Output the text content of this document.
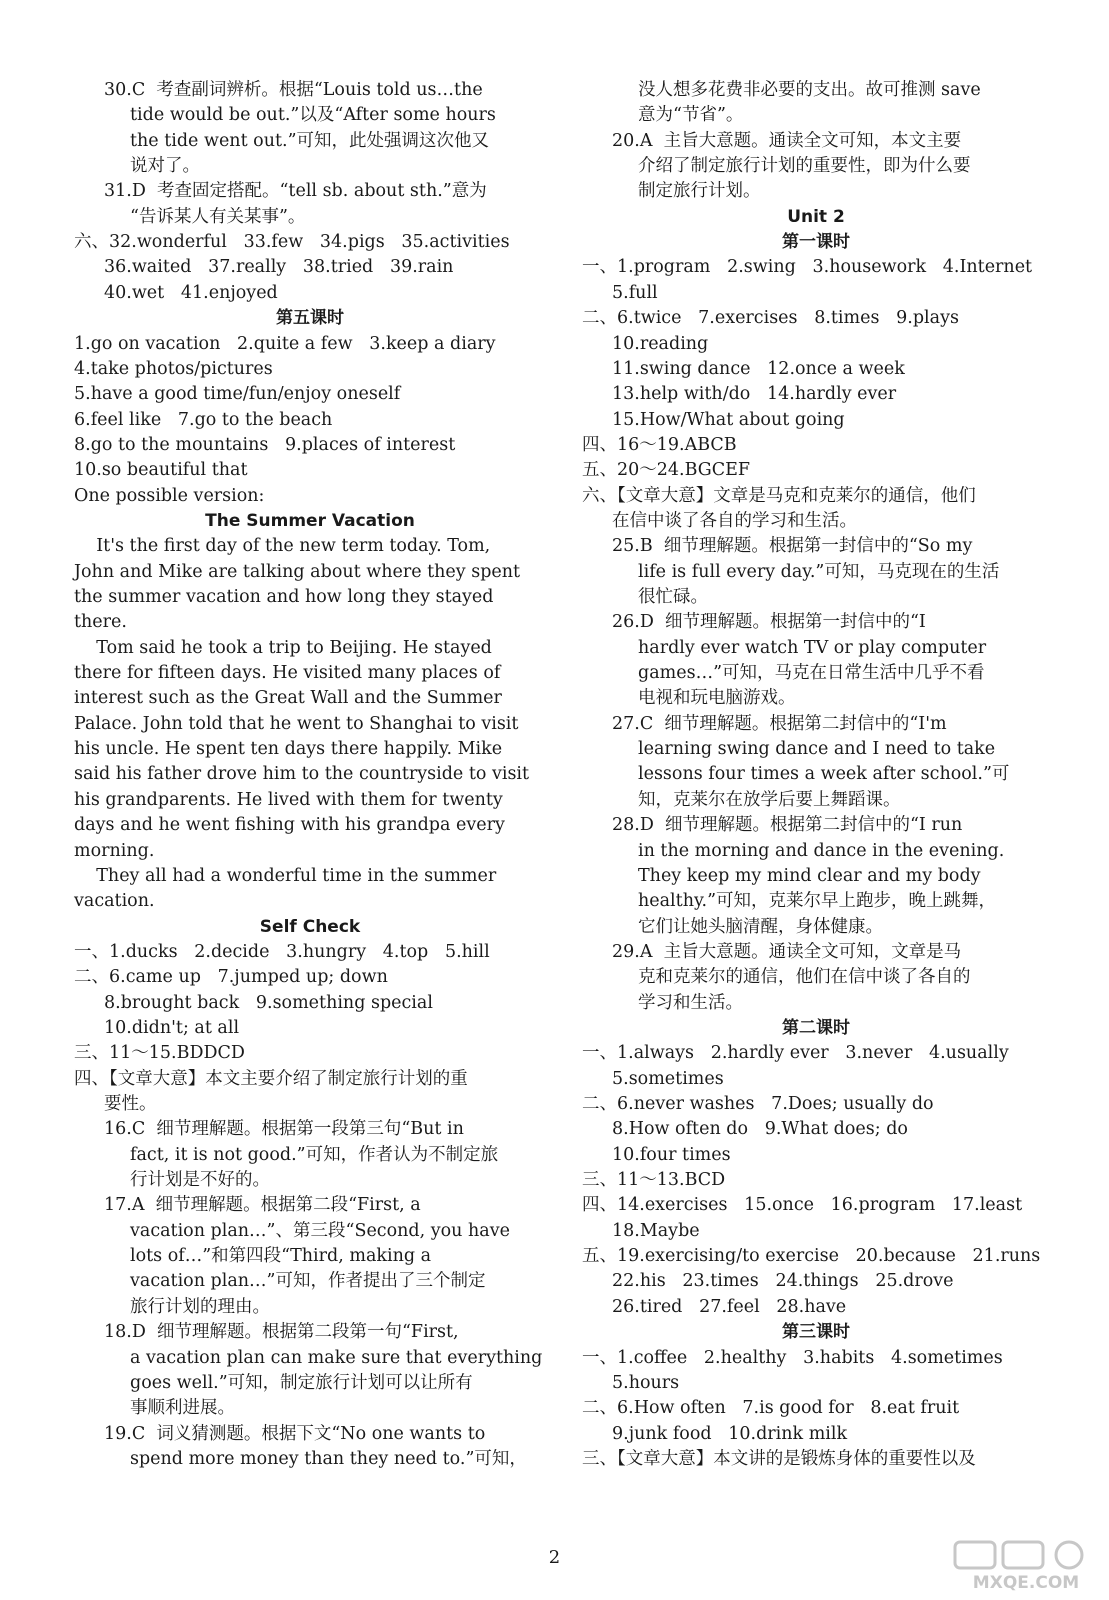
30.C  考查副词辨析。根据“Louis told us…the
tide would be out.”以及“After some hours
the tide went out.”可知，此处强调这次他又
说对了。
31.D  考查固定搭配。“tell sb. about sth.”意为
“告诉某人有关某事”。
六、32.wonderful   33.few   34.pigs   35.activities
36.waited   37.really   38.tried   39.rain
40.wet   41.enjoyed
第五课时
1.go on vacation   2.quite a few   3.keep a diary
4.take photos/pictures
5.have a good time/fun/enjoy oneself
6.feel like   7.go to the beach
8.go to the mountains   9.places of interest
10.so beautiful that
One possible version:
The Summer Vacation
It's the first day of the new term today. Tom,
John and Mike are talking about where they spent
the summer vacation and how long they stayed
there.
Tom said he took a trip to Beijing. He stayed
there for fifteen days. He visited many places of
interest such as the Great Wall and the Summer
Palace. John told that he went to Shanghai to visit
his uncle. He spent ten days there happily. Mike
said his father drove him to the countryside to visit
his grandparents. He lived with them for twenty
days and he went fishing with his grandpa every
morning.
They all had a wonderful time in the summer
vacation.
Self Check
一、1.ducks   2.decide   3.hungry   4.top   5.hill
二、6.came up   7.jumped up; down
8.brought back   9.something special
10.didn't; at all
三、11～15.BDDCD
四、【文章大意】本文主要介绍了制定旅行计划的重
要性。
16.C  细节理解题。根据第一段第三句“But in
fact, it is not good.”可知，作者认为不制定旅
行计划是不好的。
17.A  细节理解题。根据第二段“First, a
vacation plan…”、第三段“Second, you have
lots of…”和第四段“Third, making a
vacation plan…”可知，作者提出了三个制定
旅行计划的理由。
18.D  细节理解题。根据第二段第一句“First,
a vacation plan can make sure that everything
goes well.”可知，制定旅行计划可以让所有
事顺利进展。
19.C  词义猜测题。根据下文“No one wants to
spend more money than they need to.”可知，
没人想多花费非必要的支出。故可推测 save
意为“节省”。
20.A  主旨大意题。通读全文可知，本文主要
介绍了制定旅行计划的重要性，即为什么要
制定旅行计划。
Unit 2
第一课时
一、1.program   2.swing   3.housework   4.Internet
5.full
二、6.twice   7.exercises   8.times   9.plays
10.reading
11.swing dance   12.once a week
13.help with/do   14.hardly ever
15.How/What about going
四、16～19.ABCB
五、20～24.BGCEF
六、【文章大意】文章是马克和克莱尔的通信，他们
在信中谈了各自的学习和生活。
25.B  细节理解题。根据第一封信中的“So my
life is full every day.”可知，马克现在的生活
很忙碌。
26.D  细节理解题。根据第一封信中的“I
hardly ever watch TV or play computer
games…”可知，马克在日常生活中几乎不看
电视和玩电脑游戏。
27.C  细节理解题。根据第二封信中的“I'm
learning swing dance and I need to take
lessons four times a week after school.”可
知，克莱尔在放学后要上舞蹈课。
28.D  细节理解题。根据第二封信中的“I run
in the morning and dance in the evening.
They keep my mind clear and my body
healthy.”可知，克莱尔早上跑步，晚上跳舞，
它们让她头脑清醒，身体健康。
29.A  主旨大意题。通读全文可知，文章是马
克和克莱尔的通信，他们在信中谈了各自的
学习和生活。
第二课时
一、1.always   2.hardly ever   3.never   4.usually
5.sometimes
二、6.never washes   7.Does; usually do
8.How often do   9.What does; do
10.four times
三、11～13.BCD
四、14.exercises   15.once   16.program   17.least
18.Maybe
五、19.exercising/to exercise   20.because   21.runs
22.his   23.times   24.things   25.drove
26.tired   27.feel   28.have
第三课时
一、1.coffee   2.healthy   3.habits   4.sometimes
5.hours
二、6.How often   7.is good for   8.eat fruit
9.junk food   10.drink milk
三、【文章大意】本文讲的是锻炼身体的重要性以及
2
MXQE.COM
